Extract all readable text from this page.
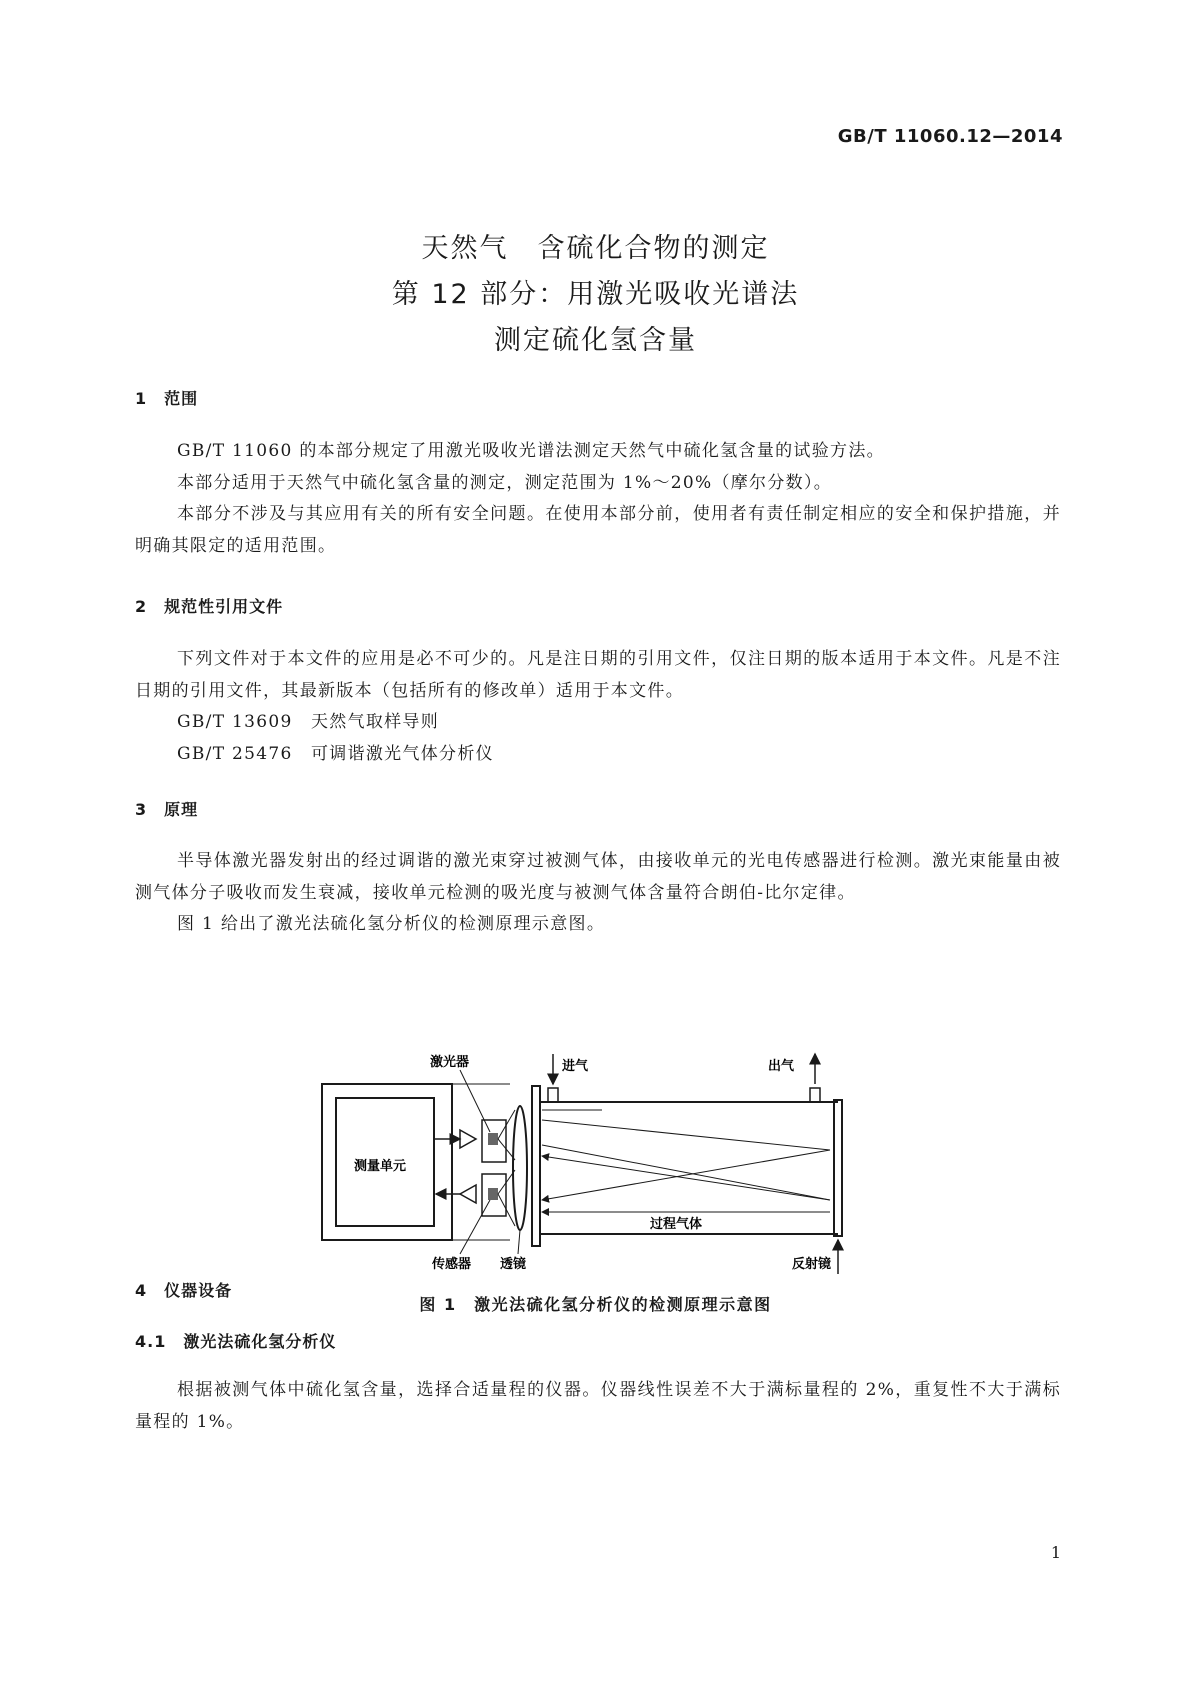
GB/T 11060.12—2014
天然气　含硫化合物的测定
第 12 部分：用激光吸收光谱法
测定硫化氢含量
1　范围

GB/T 11060 的本部分规定了用激光吸收光谱法测定天然气中硫化氢含量的试验方法。

本部分适用于天然气中硫化氢含量的测定，测定范围为 1%～20%（摩尔分数）。

本部分不涉及与其应用有关的所有安全问题。在使用本部分前，使用者有责任制定相应的安全和保护措施，并明确其限定的适用范围。

2　规范性引用文件

下列文件对于本文件的应用是必不可少的。凡是注日期的引用文件，仅注日期的版本适用于本文件。凡是不注日期的引用文件，其最新版本（包括所有的修改单）适用于本文件。

GB/T 13609　 天然气取样导则
GB/T 25476　 可调谐激光气体分析仪
3　原理

半导体激光器发射出的经过调谐的激光束穿过被测气体，由接收单元的光电传感器进行检测。激光束能量由被测气体分子吸收而发生衰减，接收单元检测的吸光度与被测气体含量符合朗伯-比尔定律。

图 1 给出了激光法硫化氢分析仪的检测原理示意图。

激光器
测量单元
传感器 透镜
进气	出气
过程气体
反射镜
图 1　激光法硫化氢分析仪的检测原理示意图
4　仪器设备
4.1　激光法硫化氢分析仪

根据被测气体中硫化氢含量，选择合适量程的仪器。仪器线性误差不大于满标量程的 2%，重复性不大于满标量程的 1%。

1
